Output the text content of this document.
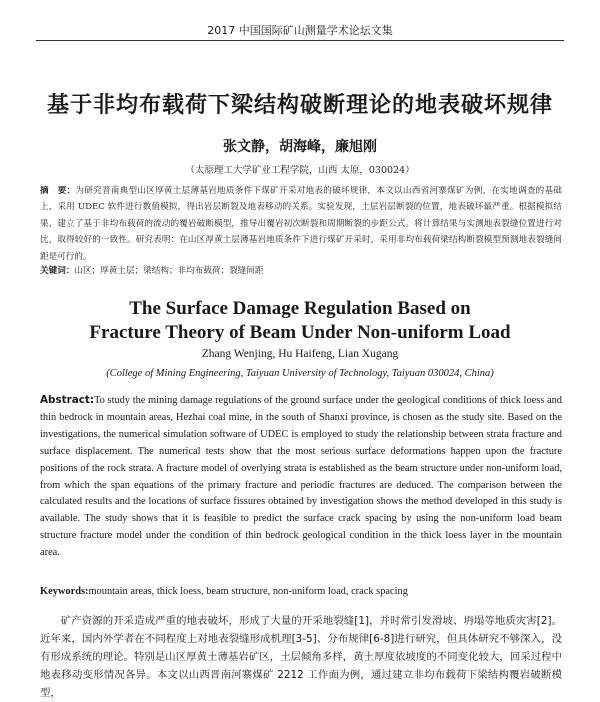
2017 中国国际矿山测量学术论坛文集
基于非均布载荷下梁结构破断理论的地表破坏规律
张文静，胡海峰，廉旭刚
（太原理工大学矿业工程学院，山西 太原，030024）
摘　要：为研究晋南典型山区厚黄土层薄基岩地质条件下煤矿开采对地表的破坏规律，本文以山西省河寨煤矿为例，在实地调查的基础上，采用 UDEC 软件进行数值模拟，得出岩层断裂及地表移动的关系。实验发现，土层岩层断裂的位置，地表破坏最严重。根据模拟结果，建立了基于非均布载荷的流动的覆岩破断模型，推导出覆岩初次断裂和周期断裂的步距公式。将计算结果与实测地表裂缝位置进行对比，取得较好的一致性。研究表明：在山区厚黄土层薄基岩地质条件下进行煤矿开采时，采用非均布载荷梁结构断裂模型预测地表裂缝间距是可行的。
关键词：山区；厚黄土层；梁结构；非均布载荷；裂缝间距
The Surface Damage Regulation Based on
Fracture Theory of Beam Under Non-uniform Load
Zhang Wenjing, Hu Haifeng, Lian Xugang
(College of Mining Engineering, Taiyuan University of Technology, Taiyuan 030024, China)
Abstract:To study the mining damage regulations of the ground surface under the geological conditions of thick loess and thin bedrock in mountain areas, Hezhai coal mine, in the south of Shanxi province, is chosen as the study site. Based on the investigations, the numerical simulation software of UDEC is employed to study the relationship between strata fracture and surface displacement. The numerical tests show that the most serious surface deformations happen upon the fracture positions of the rock strata. A fracture model of overlying strata is established as the beam structure under non-uniform load, from which the span equations of the primary fracture and periodic fractures are deduced. The comparison between the calculated results and the locations of surface fissures obtained by investigation shows the method developed in this study is available. The study shows that it is feasible to predict the surface crack spacing by using the non-uniform load beam structure fracture model under the condition of thin bedrock geological condition in the thick loess layer in the mountain area.
Keywords:mountain areas, thick loess, beam structure, non-uniform load, crack spacing
矿产资源的开采造成严重的地表破坏，形成了大量的开采地裂缝[1]，并时常引发滑坡、坍塌等地质灾害[2]。近年来，国内外学者在不同程度上对地表裂缝形成机理[3-5]、分布规律[6-8]进行研究，但具体研究不够深入，没有形成系统的理论。特别是山区厚黄土薄基岩矿区，土层倾角多样，黄土厚度依坡度的不同变化较大，回采过程中地表移动变形情况各异。本文以山西晋南河寨煤矿 2212 工作面为例，通过建立非均布载荷下梁结构覆岩破断模型，
